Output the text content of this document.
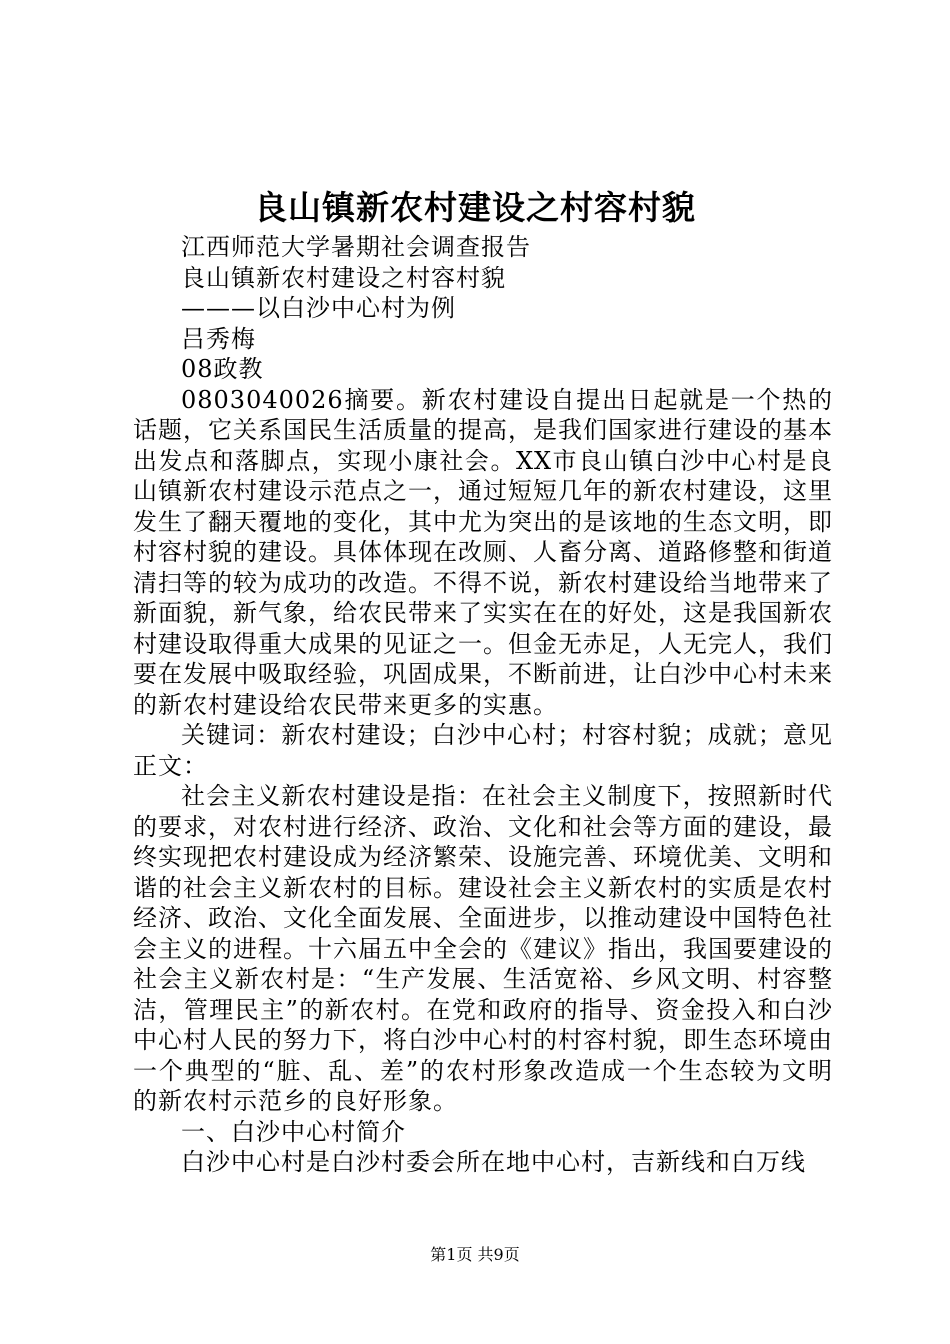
良山镇新农村建设之村容村貌
江西师范大学暑期社会调查报告
良山镇新农村建设之村容村貌
———以白沙中心村为例
吕秀梅
08政教

0803040026摘要。新农村建设自提出日起就是一个热的话题，它关系国民生活质量的提高，是我们国家进行建设的基本出发点和落脚点，实现小康社会。XX市良山镇白沙中心村是良山镇新农村建设示范点之一，通过短短几年的新农村建设，这里发生了翻天覆地的变化，其中尤为突出的是该地的生态文明，即村容村貌的建设。具体体现在改厕、人畜分离、道路修整和街道清扫等的较为成功的改造。不得不说，新农村建设给当地带来了新面貌，新气象，给农民带来了实实在在的好处，这是我国新农村建设取得重大成果的见证之一。但金无赤足，人无完人，我们要在发展中吸取经验，巩固成果，不断前进，让白沙中心村未来的新农村建设给农民带来更多的实惠。

关键词：新农村建设；白沙中心村；村容村貌；成就；意见正文：

社会主义新农村建设是指：在社会主义制度下，按照新时代的要求，对农村进行经济、政治、文化和社会等方面的建设，最终实现把农村建设成为经济繁荣、设施完善、环境优美、文明和谐的社会主义新农村的目标。建设社会主义新农村的实质是农村经济、政治、文化全面发展、全面进步，以推动建设中国特色社会主义的进程。十六届五中全会的《建议》指出，我国要建设的社会主义新农村是：“生产发展、生活宽裕、乡风文明、村容整洁，管理民主”的新农村。在党和政府的指导、资金投入和白沙中心村人民的努力下，将白沙中心村的村容村貌，即生态环境由一个典型的“脏、乱、差”的农村形象改造成一个生态较为文明的新农村示范乡的良好形象。

一、白沙中心村简介

白沙中心村是白沙村委会所在地中心村，吉新线和白万线

第1页 共9页
